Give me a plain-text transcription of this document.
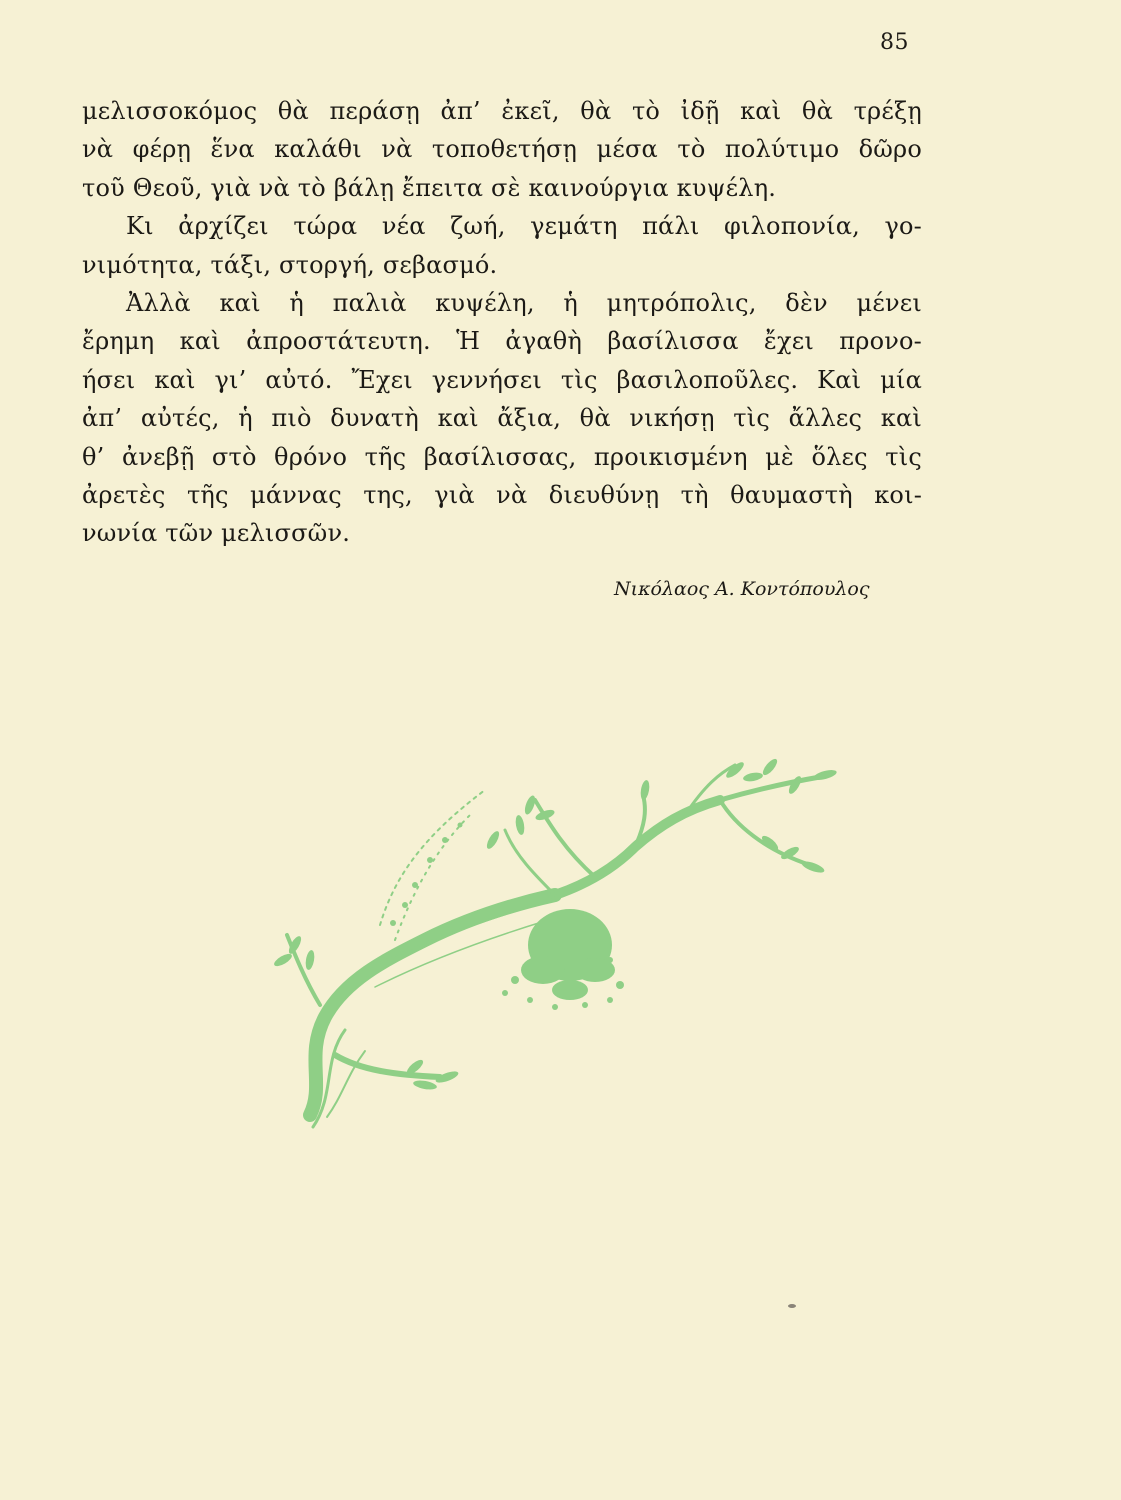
85
μελισσοκόμος θὰ περάσῃ ἀπ’ ἐκεῖ, θὰ τὸ ἰδῇ καὶ θὰ τρέξῃ
νὰ φέρῃ ἕνα καλάθι νὰ τοποθετήσῃ μέσα τὸ πολύτιμο δῶρο
τοῦ Θεοῦ, γιὰ νὰ τὸ βάλῃ ἔπειτα σὲ καινούργια κυψέλη.
Κι ἀρχίζει τώρα νέα ζωή, γεμάτη πάλι φιλοπονία, γο-
νιμότητα, τάξι, στοργή, σεβασμό.
Ἀλλὰ καὶ ἡ παλιὰ κυψέλη, ἡ μητρόπολις, δὲν μένει
ἔρημη καὶ ἀπροστάτευτη. Ἡ ἀγαθὴ βασίλισσα ἔχει προνο-
ήσει καὶ γι’ αὐτό. Ἔχει γεννήσει τὶς βασιλοποῦλες. Καὶ μία
ἀπ’ αὐτές, ἡ πιὸ δυνατὴ καὶ ἄξια, θὰ νικήσῃ τὶς ἄλλες καὶ
θ’ ἀνεβῇ στὸ θρόνο τῆς βασίλισσας, προικισμένη μὲ ὅλες τὶς
ἀρετὲς τῆς μάννας της, γιὰ νὰ διευθύνῃ τὴ θαυμαστὴ κοι-
νωνία τῶν μελισσῶν.
Νικόλαος Α. Κοντόπουλος
